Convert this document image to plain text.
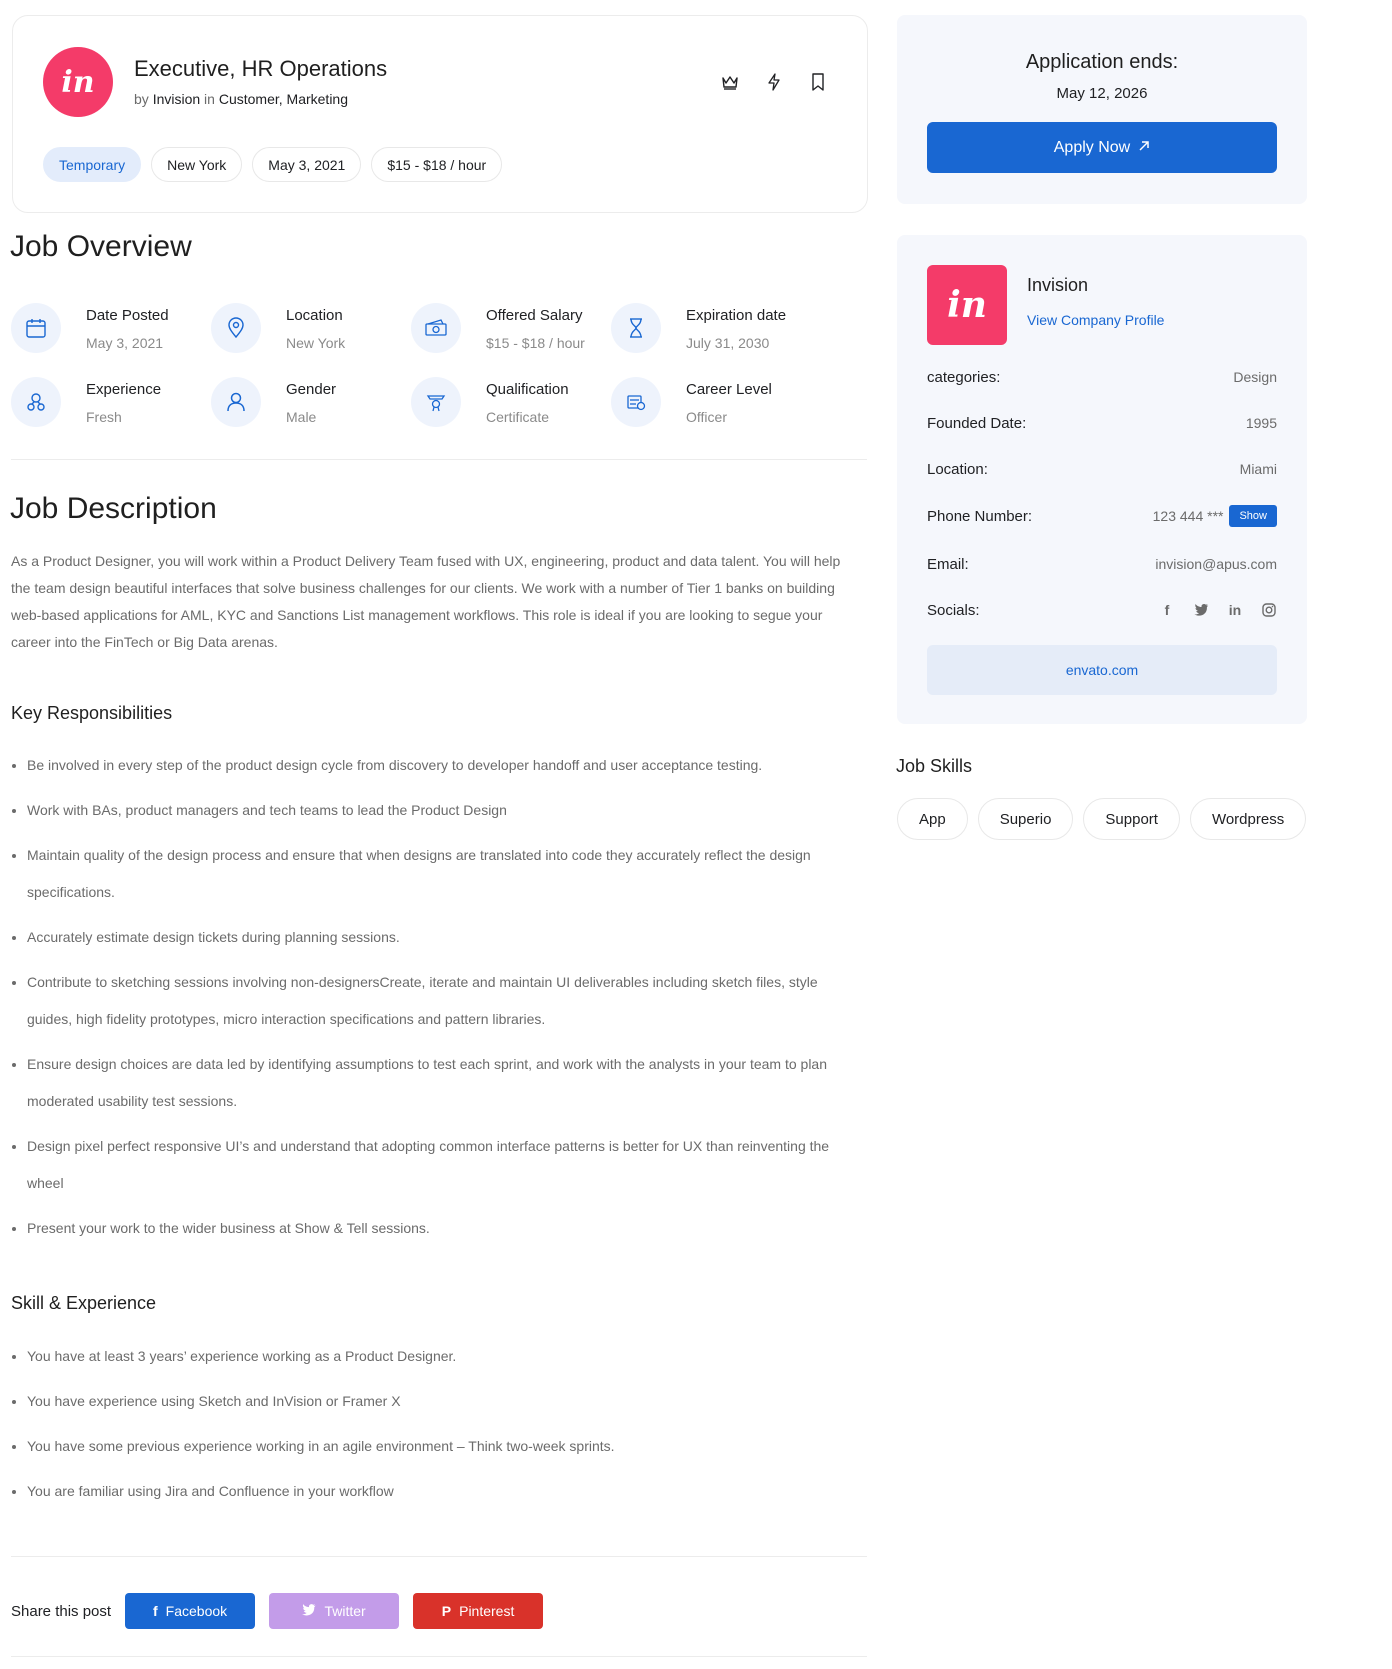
in	Executive, HR Operations
by Invision in Customer, Marketing
Temporary	New York	May 3, 2021	$15 - $18 / hour
Job Overview
Date Posted
May 3, 2021
Location
New York
Offered Salary
$15 - $18 / hour
Expiration date
July 31, 2030
Experience
Fresh
Gender
Male
Qualification
Certificate
Career Level
Officer
Job Description

As a Product Designer, you will work within a Product Delivery Team fused with UX, engineering, product and data talent. You will help the team design beautiful interfaces that solve business challenges for our clients. We work with a number of Tier 1 banks on building web-based applications for AML, KYC and Sanctions List management workflows. This role is ideal if you are looking to segue your career into the FinTech or Big Data arenas.

Key Responsibilities
Be involved in every step of the product design cycle from discovery to developer handoff and user acceptance testing.
Work with BAs, product managers and tech teams to lead the Product Design
Maintain quality of the design process and ensure that when designs are translated into code they accurately reflect the design specifications.
Accurately estimate design tickets during planning sessions.
Contribute to sketching sessions involving non-designersCreate, iterate and maintain UI deliverables including sketch files, style guides, high fidelity prototypes, micro interaction specifications and pattern libraries.
Ensure design choices are data led by identifying assumptions to test each sprint, and work with the analysts in your team to plan moderated usability test sessions.
Design pixel perfect responsive UI’s and understand that adopting common interface patterns is better for UX than reinventing the wheel
Present your work to the wider business at Show & Tell sessions.
Skill & Experience
You have at least 3 years’ experience working as a Product Designer.
You have experience using Sketch and InVision or Framer X
You have some previous experience working in an agile environment – Think two-week sprints.
You are familiar using Jira and Confluence in your workflow
Share this post	f Facebook	Twitter	P Pinterest
Application ends:
May 12, 2026
Apply Now
in	Invision
View Company Profile
categories:	Design
Founded Date:	1995
Location:	Miami
Phone Number:	123 444 ***	Show
Email:	invision@apus.com
Socials:	f	in
envato.com
Job Skills
App	Superio	Support	Wordpress
